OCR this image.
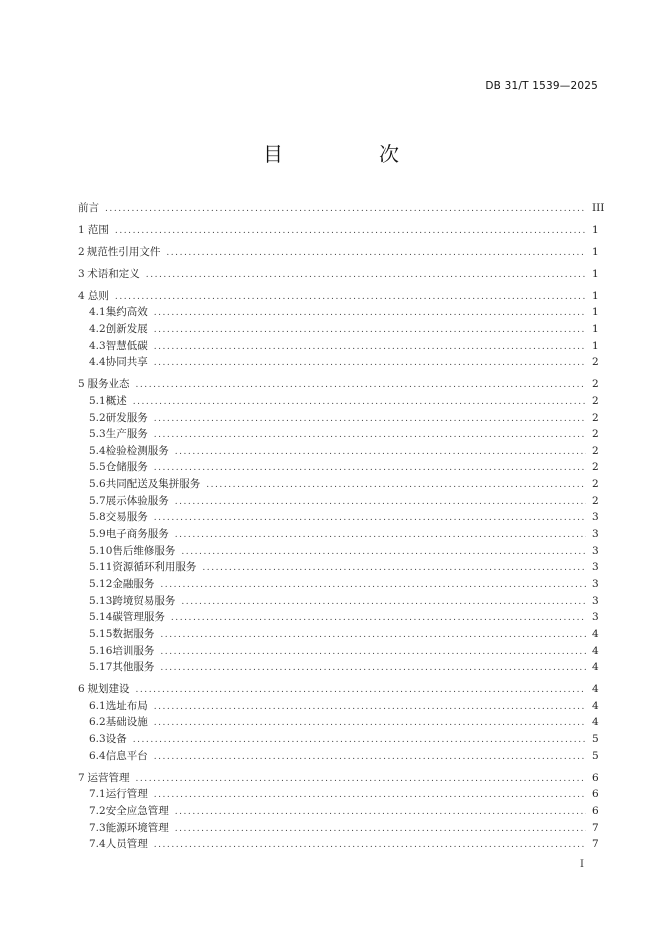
DB 31/T 1539—2025
目　次
前言 .....	III
1 范围 .....	1
2 规范性引用文件 .....	1
3 术语和定义 .....	1
4 总则 .....	1
4.1 集约高效 .....	1
4.2 创新发展 .....	1
4.3 智慧低碳 .....	1
4.4 协同共享 .....	2
5 服务业态 .....	2
5.1 概述 .....	2
5.2 研发服务 .....	2
5.3 生产服务 .....	2
5.4 检验检测服务 .....	2
5.5 仓储服务 .....	2
5.6 共同配送及集拼服务 .....	2
5.7 展示体验服务 .....	2
5.8 交易服务 .....	3
5.9 电子商务服务 .....	3
5.10 售后维修服务 .....	3
5.11 资源循环利用服务 .....	3
5.12 金融服务 .....	3
5.13 跨境贸易服务 .....	3
5.14 碳管理服务 .....	3
5.15 数据服务 .....	4
5.16 培训服务 .....	4
5.17 其他服务 .....	4
6 规划建设 .....	4
6.1 选址布局 .....	4
6.2 基础设施 .....	4
6.3 设备 .....	5
6.4 信息平台 .....	5
7 运营管理 .....	6
7.1 运行管理 .....	6
7.2 安全应急管理 .....	6
7.3 能源环境管理 .....	7
7.4 人员管理 .....	7
I
